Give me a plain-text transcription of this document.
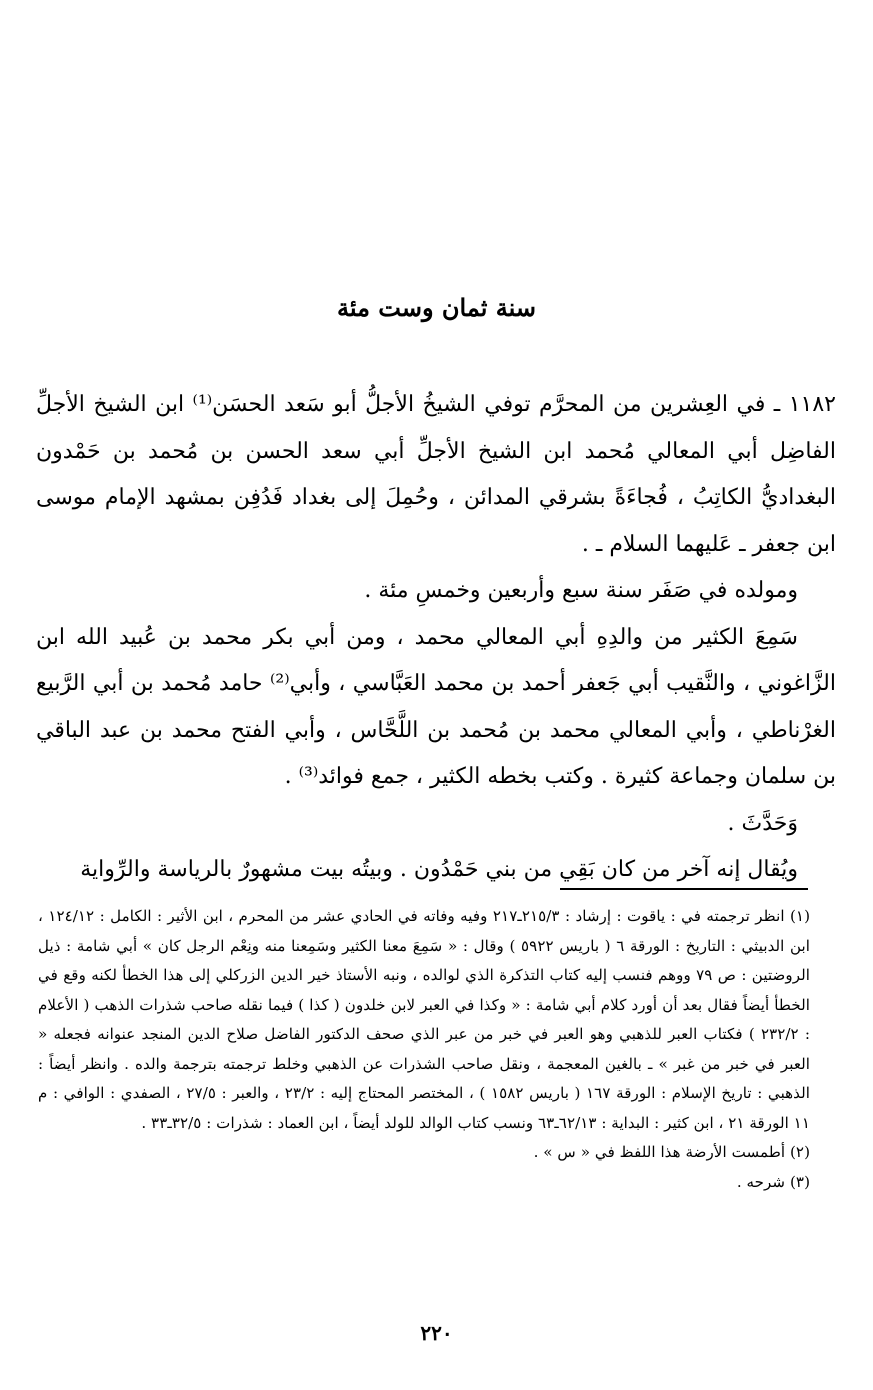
سنة ثمان وست مئة

١١٨٢ ـ في العِشرين من المحرَّم توفي الشيخُ الأجلُّ أبو سَعد الحسَن⁽¹⁾ ابن الشيخ الأجلِّ الفاضِل أبي المعالي مُحمد ابن الشيخ الأجلِّ أبي سعد الحسن بن مُحمد بن حَمْدون البغداديُّ الكاتِبُ ، فُجاءَةً بشرقي المدائن ، وحُمِلَ إلى بغداد فَدُفِن بمشهد الإمام موسى ابن جعفر ـ عَليهما السلام ـ .

ومولده في صَفَر سنة سبع وأربعين وخمسِ مئة .

سَمِعَ الكثير من والدِهِ أبي المعالي محمد ، ومن أبي بكر محمد بن عُبيد الله ابن الزَّاغوني ، والنَّقيب أبي جَعفر أحمد بن محمد العَبَّاسي ، وأبي⁽²⁾ حامد مُحمد بن أبي الرَّبيع الغرْناطي ، وأبي المعالي محمد بن مُحمد بن اللَّحَّاس ، وأبي الفتح محمد بن عبد الباقي بن سلمان وجماعة كثيرة . وكتب بخطه الكثير ، جمع فوائد⁽³⁾ .

وَحَدَّثَ .

ويُقال إنه آخر من كان بَقِي من بني حَمْدُون . وبيتُه بيت مشهورٌ بالرياسة والرِّواية

(١) انظر ترجمته في : ياقوت : إرشاد : ٢١٥/٣ـ٢١٧ وفيه وفاته في الحادي عشر من المحرم ، ابن الأثير : الكامل : ١٢٤/١٢ ، ابن الدبيثي : التاريخ : الورقة ٦ ( باريس ٥٩٢٢ ) وقال : « سَمِعَ معنا الكثير وسَمِعنا منه ونِعْم الرجل كان » أبي شامة : ذيل الروضتين : ص ٧٩ ووهم فنسب إليه كتاب التذكرة الذي لوالده ، ونبه الأستاذ خير الدين الزركلي إلى هذا الخطأ لكنه وقع في الخطأ أيضاً فقال بعد أن أورد كلام أبي شامة : « وكذا في العبر لابن خلدون ( كذا ) فيما نقله صاحب شذرات الذهب ( الأعلام : ٢٣٢/٢ ) فكتاب العبر للذهبي وهو العبر في خبر من عبر الذي صحف الدكتور الفاضل صلاح الدين المنجد عنوانه فجعله « العبر في خبر من غبر » ـ بالغين المعجمة ، ونقل صاحب الشذرات عن الذهبي وخلط ترجمته بترجمة والده . وانظر أيضاً : الذهبي : تاريخ الإسلام : الورقة ١٦٧ ( باريس ١٥٨٢ ) ، المختصر المحتاج إليه : ٢٣/٢ ، والعبر : ٢٧/٥ ، الصفدي : الوافي : م ١١ الورقة ٢١ ، ابن كثير : البداية : ٦٢/١٣ـ٦٣ ونسب كتاب الوالد للولد أيضاً ، ابن العماد : شذرات : ٣٢/٥ـ٣٣ .

(٢) أطمست الأرضة هذا اللفظ في « س » .

(٣) شرحه .

٢٢٠
